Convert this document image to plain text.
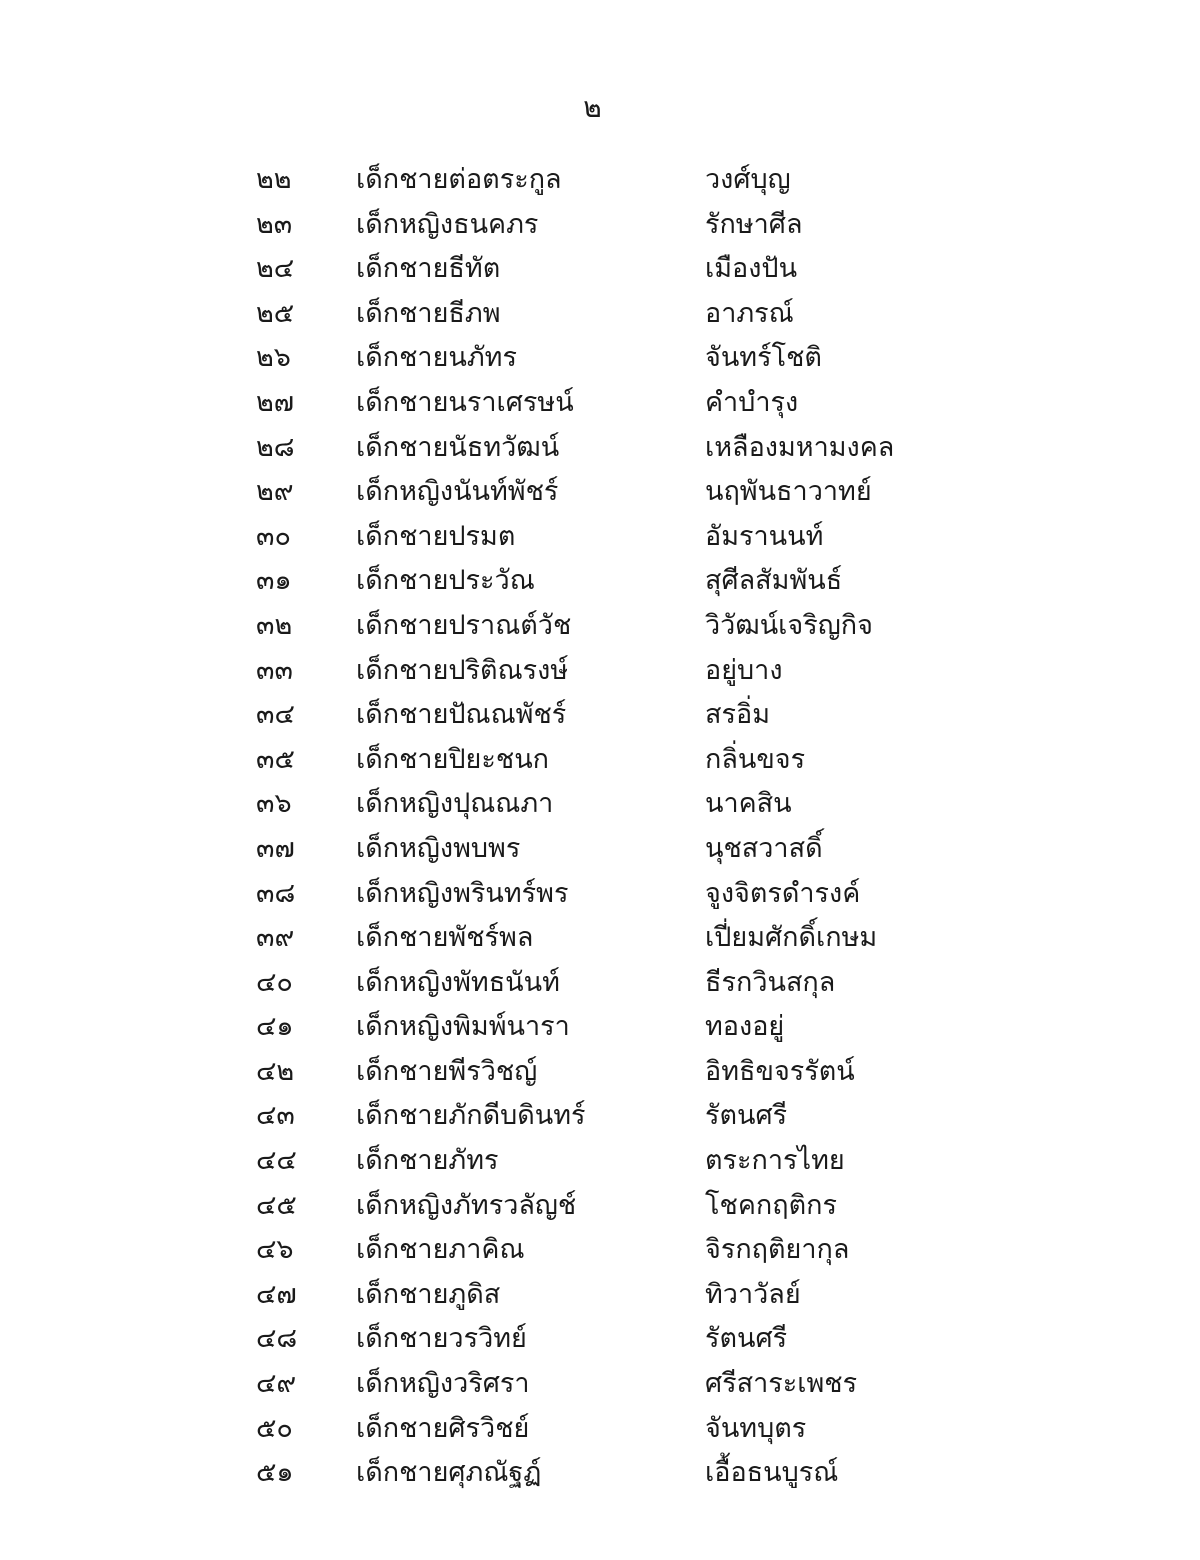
๒
๒๒	เด็กชายต่อตระกูล	วงศ์บุญ
๒๓	เด็กหญิงธนคภร	รักษาศีล
๒๔	เด็กชายธีทัต	เมืองปัน
๒๕	เด็กชายธีภพ	อาภรณ์
๒๖	เด็กชายนภัทร	จันทร์โชติ
๒๗	เด็กชายนราเศรษน์	คำบำรุง
๒๘	เด็กชายนัธทวัฒน์	เหลืองมหามงคล
๒๙	เด็กหญิงนันท์พัชร์	นฤพันธาวาทย์
๓๐	เด็กชายปรมต	อัมรานนท์
๓๑	เด็กชายประวัณ	สุศีลสัมพันธ์
๓๒	เด็กชายปราณต์วัช	วิวัฒน์เจริญกิจ
๓๓	เด็กชายปริติณรงษ์	อยู่บาง
๓๔	เด็กชายปัณณพัชร์	สรอิ่ม
๓๕	เด็กชายปิยะชนก	กลิ่นขจร
๓๖	เด็กหญิงปุณณภา	นาคสิน
๓๗	เด็กหญิงพบพร	นุชสวาสดิ์
๓๘	เด็กหญิงพรินทร์พร	จูงจิตรดำรงค์
๓๙	เด็กชายพัชร์พล	เปี่ยมศักดิ์เกษม
๔๐	เด็กหญิงพัทธนันท์	ธีรกวินสกุล
๔๑	เด็กหญิงพิมพ์นารา	ทองอยู่
๔๒	เด็กชายพีรวิชญ์	อิทธิขจรรัตน์
๔๓	เด็กชายภักดีบดินทร์	รัตนศรี
๔๔	เด็กชายภัทร	ตระการไทย
๔๕	เด็กหญิงภัทรวลัญช์	โชคกฤติกร
๔๖	เด็กชายภาคิณ	จิรกฤติยากุล
๔๗	เด็กชายภูดิส	ทิวาวัลย์
๔๘	เด็กชายวรวิทย์	รัตนศรี
๔๙	เด็กหญิงวริศรา	ศรีสาระเพชร
๕๐	เด็กชายศิรวิชย์	จันทบุตร
๕๑	เด็กชายศุภณัฐฏ์	เอื้อธนบูรณ์
